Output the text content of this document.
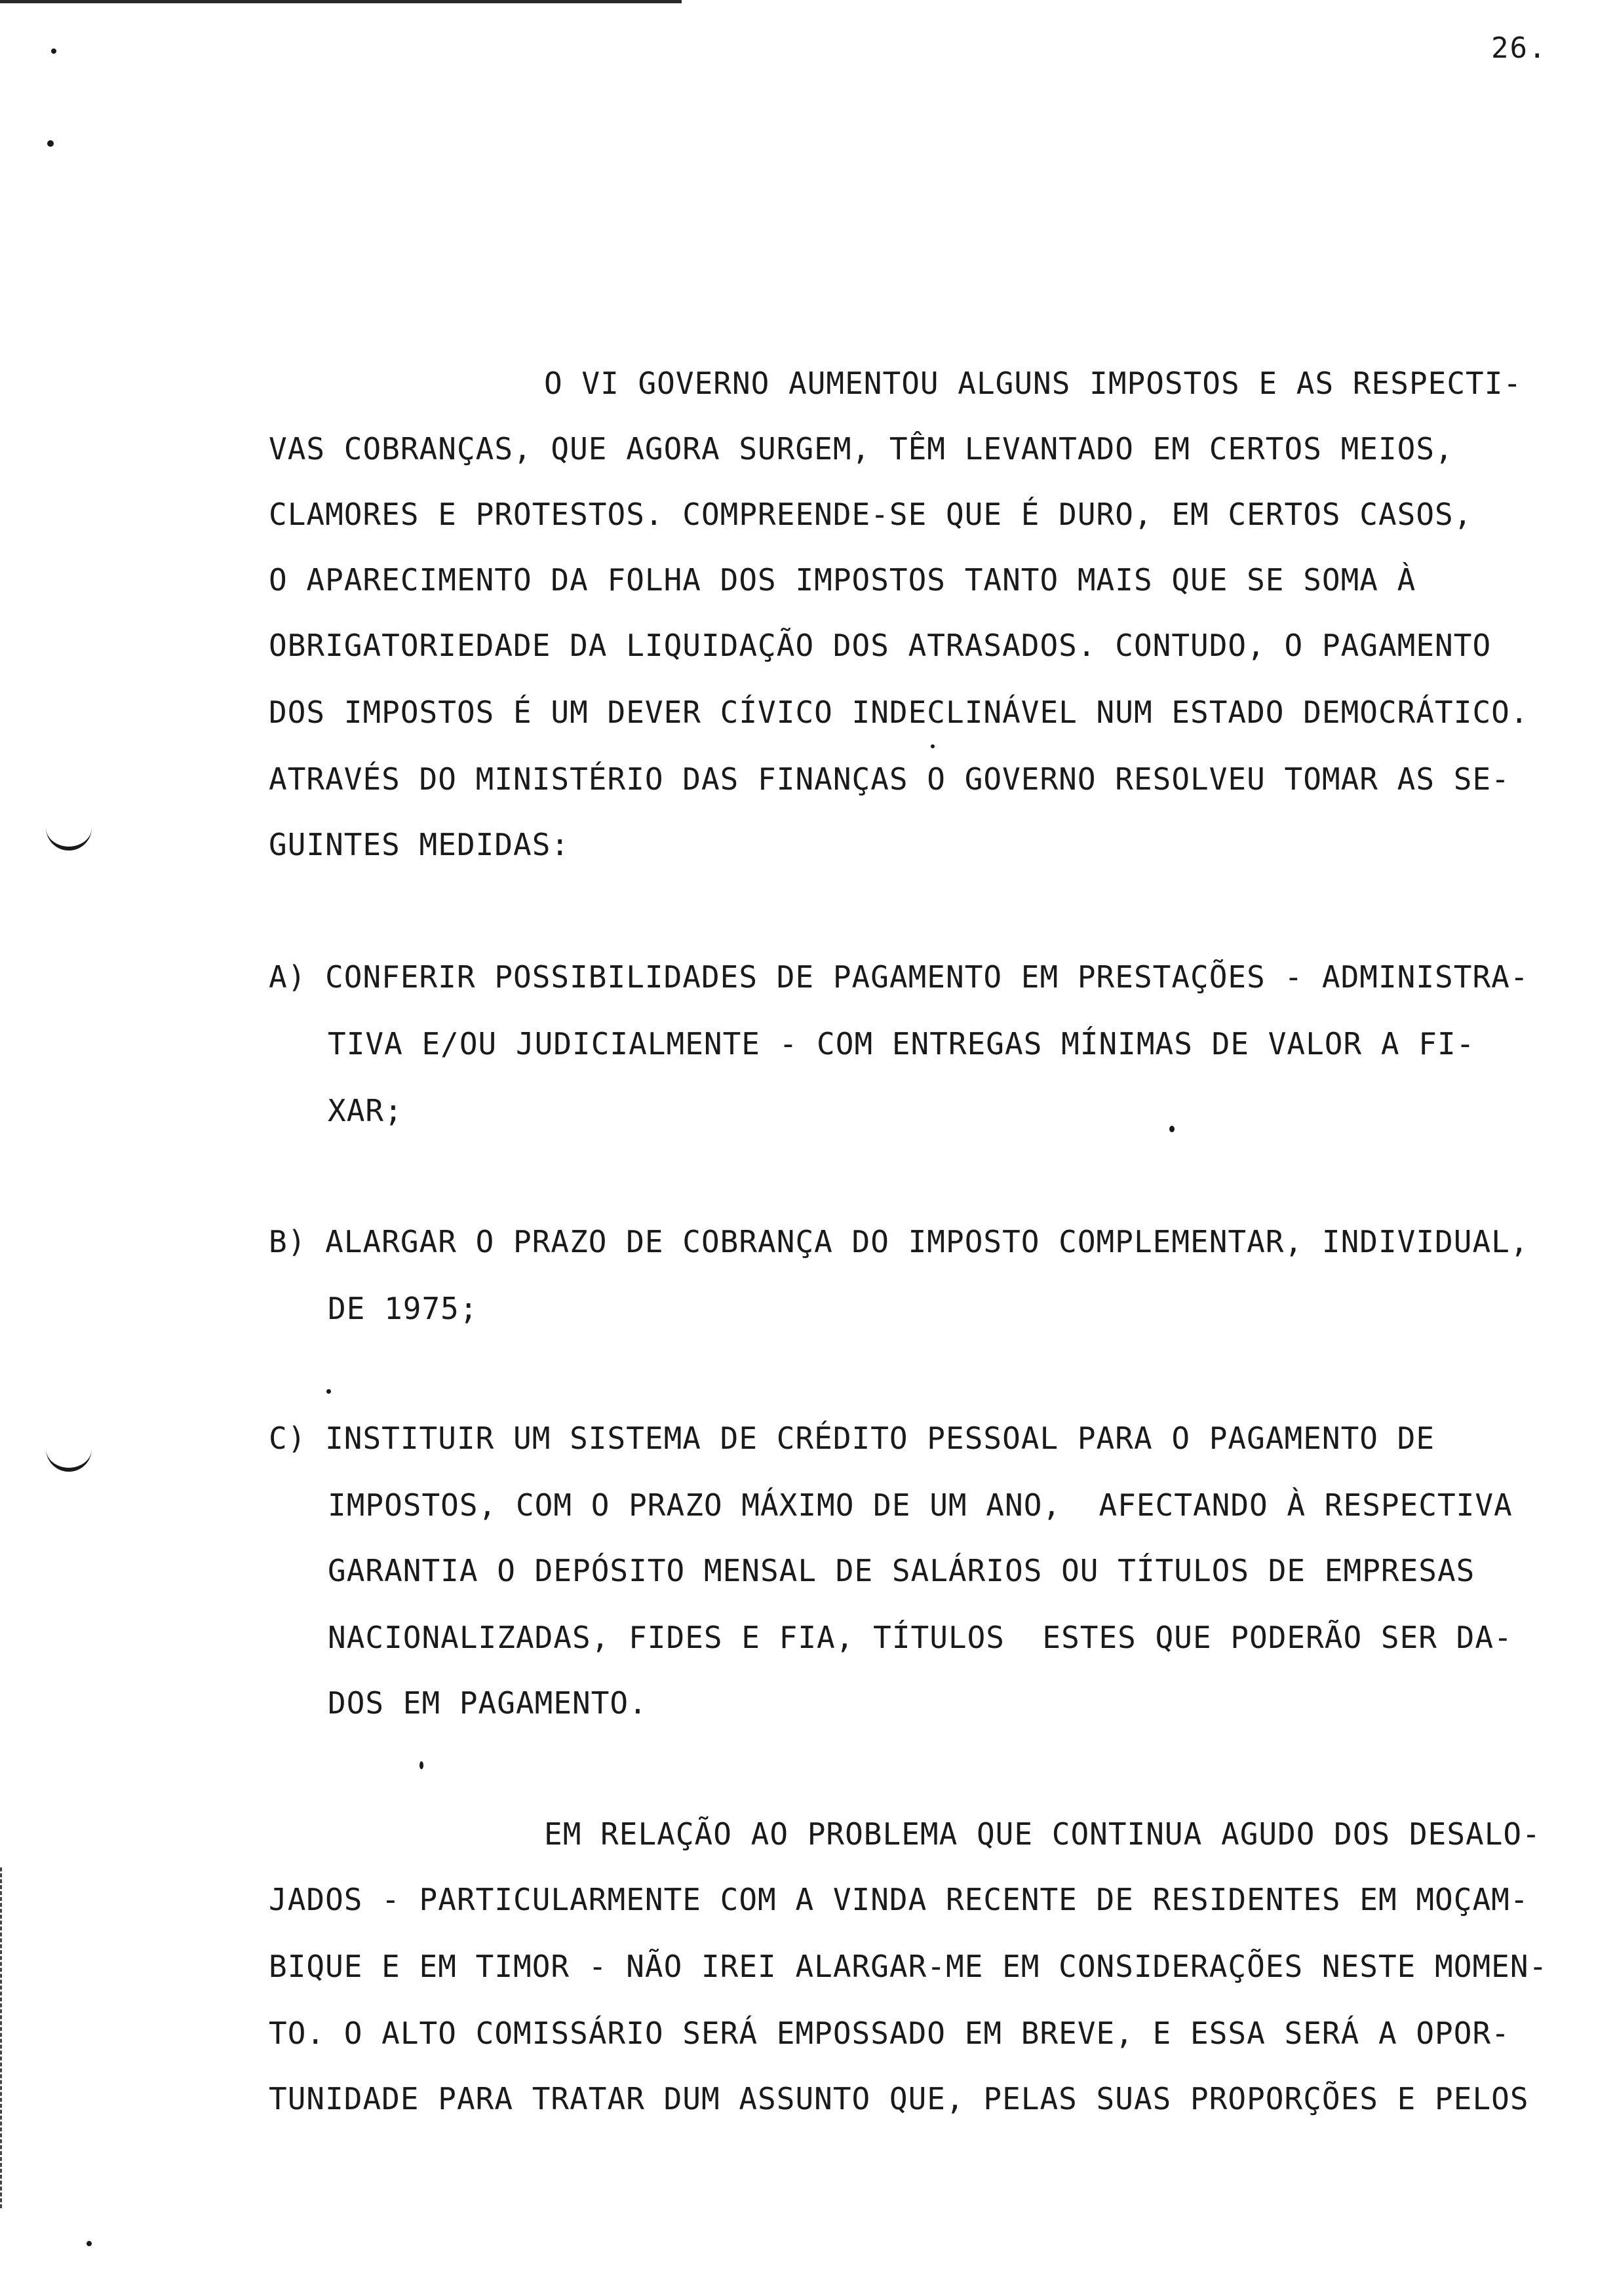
26.
O VI GOVERNO AUMENTOU ALGUNS IMPOSTOS E AS RESPECTI-
VAS COBRANÇAS, QUE AGORA SURGEM, TÊM LEVANTADO EM CERTOS MEIOS,
CLAMORES E PROTESTOS. COMPREENDE-SE QUE É DURO, EM CERTOS CASOS,
O APARECIMENTO DA FOLHA DOS IMPOSTOS TANTO MAIS QUE SE SOMA À
OBRIGATORIEDADE DA LIQUIDAÇÃO DOS ATRASADOS. CONTUDO, O PAGAMENTO
DOS IMPOSTOS É UM DEVER CÍVICO INDECLINÁVEL NUM ESTADO DEMOCRÁTICO.
ATRAVÉS DO MINISTÉRIO DAS FINANÇAS O GOVERNO RESOLVEU TOMAR AS SE-
GUINTES MEDIDAS:
A) CONFERIR POSSIBILIDADES DE PAGAMENTO EM PRESTAÇÕES - ADMINISTRA-
TIVA E/OU JUDICIALMENTE - COM ENTREGAS MÍNIMAS DE VALOR A FI-
XAR;
B) ALARGAR O PRAZO DE COBRANÇA DO IMPOSTO COMPLEMENTAR, INDIVIDUAL,
DE 1975;
C) INSTITUIR UM SISTEMA DE CRÉDITO PESSOAL PARA O PAGAMENTO DE
IMPOSTOS, COM O PRAZO MÁXIMO DE UM ANO,  AFECTANDO À RESPECTIVA
GARANTIA O DEPÓSITO MENSAL DE SALÁRIOS OU TÍTULOS DE EMPRESAS
NACIONALIZADAS, FIDES E FIA, TÍTULOS  ESTES QUE PODERÃO SER DA-
DOS EM PAGAMENTO.
EM RELAÇÃO AO PROBLEMA QUE CONTINUA AGUDO DOS DESALO-
JADOS - PARTICULARMENTE COM A VINDA RECENTE DE RESIDENTES EM MOÇAM-
BIQUE E EM TIMOR - NÃO IREI ALARGAR-ME EM CONSIDERAÇÕES NESTE MOMEN-
TO. O ALTO COMISSÁRIO SERÁ EMPOSSADO EM BREVE, E ESSA SERÁ A OPOR-
TUNIDADE PARA TRATAR DUM ASSUNTO QUE, PELAS SUAS PROPORÇÕES E PELOS
